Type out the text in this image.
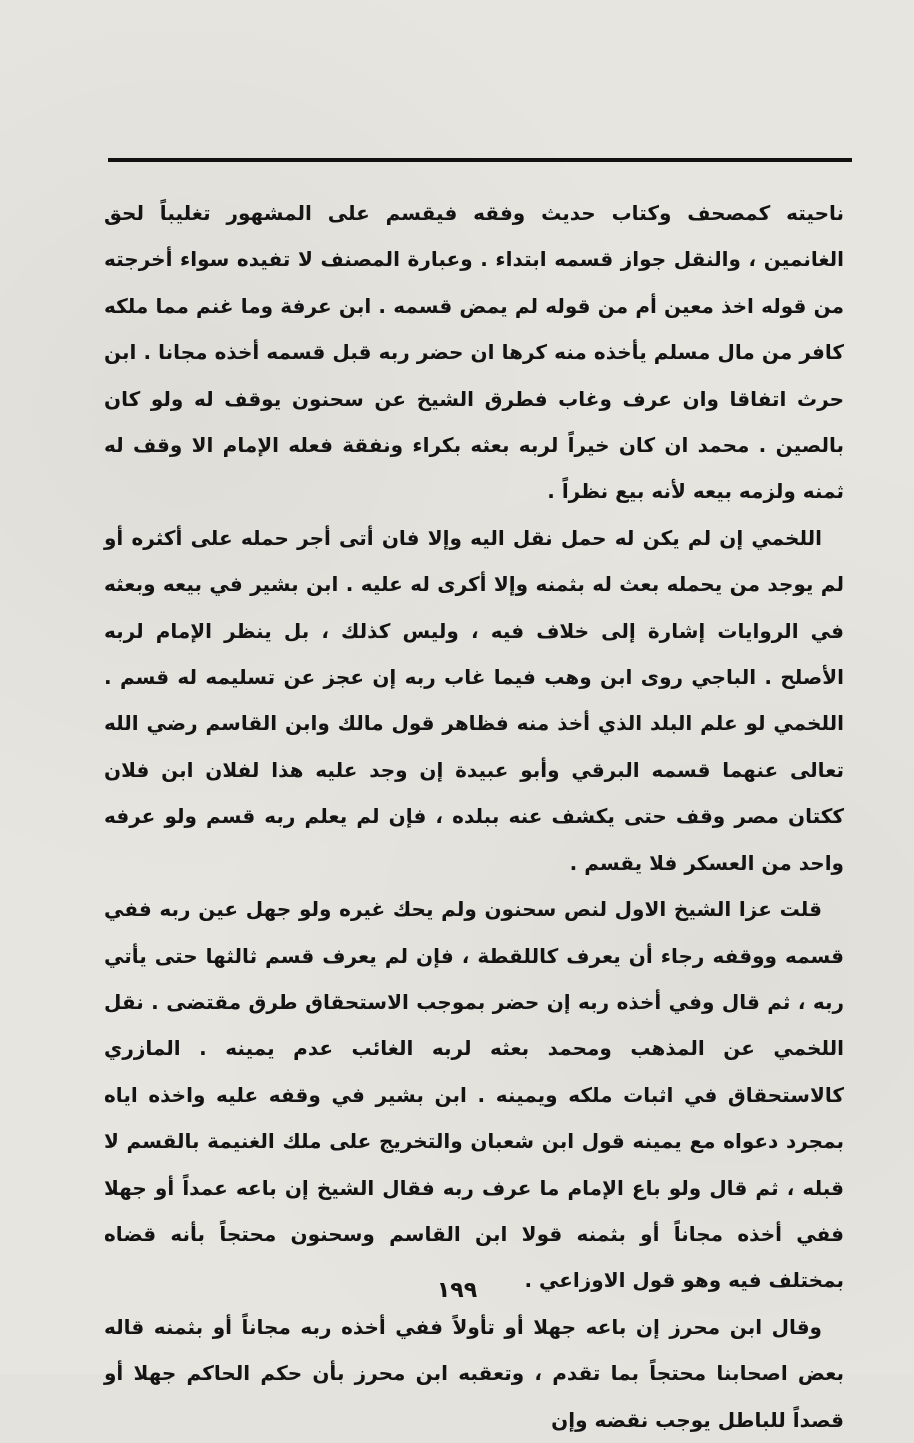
ناحيته كمصحف وكتاب حديث وفقه فيقسم على المشهور تغليباً لحق الغانمين ، والنقل جواز قسمه ابتداء . وعبارة المصنف لا تفيده سواء أخرجته من قوله اخذ معين أم من قوله لم يمض قسمه . ابن عرفة وما غنم مما ملكه كافر من مال مسلم يأخذه منه كرها ان حضر ربه قبل قسمه أخذه مجانا . ابن حرث اتفاقا وان عرف وغاب فطرق الشيخ عن سحنون يوقف له ولو كان بالصين . محمد ان كان خيراً لربه بعثه بكراء ونفقة فعله الإمام الا وقف له ثمنه ولزمه بيعه لأنه بيع نظراً .

اللخمي إن لم يكن له حمل نقل اليه وإلا فان أتى أجر حمله على أكثره أو لم يوجد من يحمله بعث له بثمنه وإلا أكرى له عليه . ابن بشير في بيعه وبعثه في الروايات إشارة إلى خلاف فيه ، وليس كذلك ، بل ينظر الإمام لربه الأصلح . الباجي روى ابن وهب فيما غاب ربه إن عجز عن تسليمه له قسم . اللخمي لو علم البلد الذي أخذ منه فظاهر قول مالك وابن القاسم رضي الله تعالى عنهما قسمه البرقي وأبو عبيدة إن وجد عليه هذا لفلان ابن فلان ككتان مصر وقف حتى يكشف عنه ببلده ، فإن لم يعلم ربه قسم ولو عرفه واحد من العسكر فلا يقسم .

قلت عزا الشيخ الاول لنص سحنون ولم يحك غيره ولو جهل عين ربه ففي قسمه ووقفه رجاء أن يعرف كاللقطة ، فإن لم يعرف قسم ثالثها حتى يأتي ربه ، ثم قال وفي أخذه ربه إن حضر بموجب الاستحقاق طرق مقتضى . نقل اللخمي عن المذهب ومحمد بعثه لربه الغائب عدم يمينه . المازري كالاستحقاق في اثبات ملكه ويمينه . ابن بشير في وقفه عليه واخذه اياه بمجرد دعواه مع يمينه قول ابن شعبان والتخريج على ملك الغنيمة بالقسم لا قبله ، ثم قال ولو باع الإمام ما عرف ربه فقال الشيخ إن باعه عمداً أو جهلا ففي أخذه مجاناً أو بثمنه قولا ابن القاسم وسحنون محتجاً بأنه قضاه بمختلف فيه وهو قول الاوزاعي .

وقال ابن محرز إن باعه جهلا أو تأولاً ففي أخذه ربه مجاناً أو بثمنه قاله بعض اصحابنا محتجاً بما تقدم ، وتعقبه ابن محرز بأن حكم الحاكم جهلا أو قصداً للباطل يوجب نقضه وإن

١٩٩
